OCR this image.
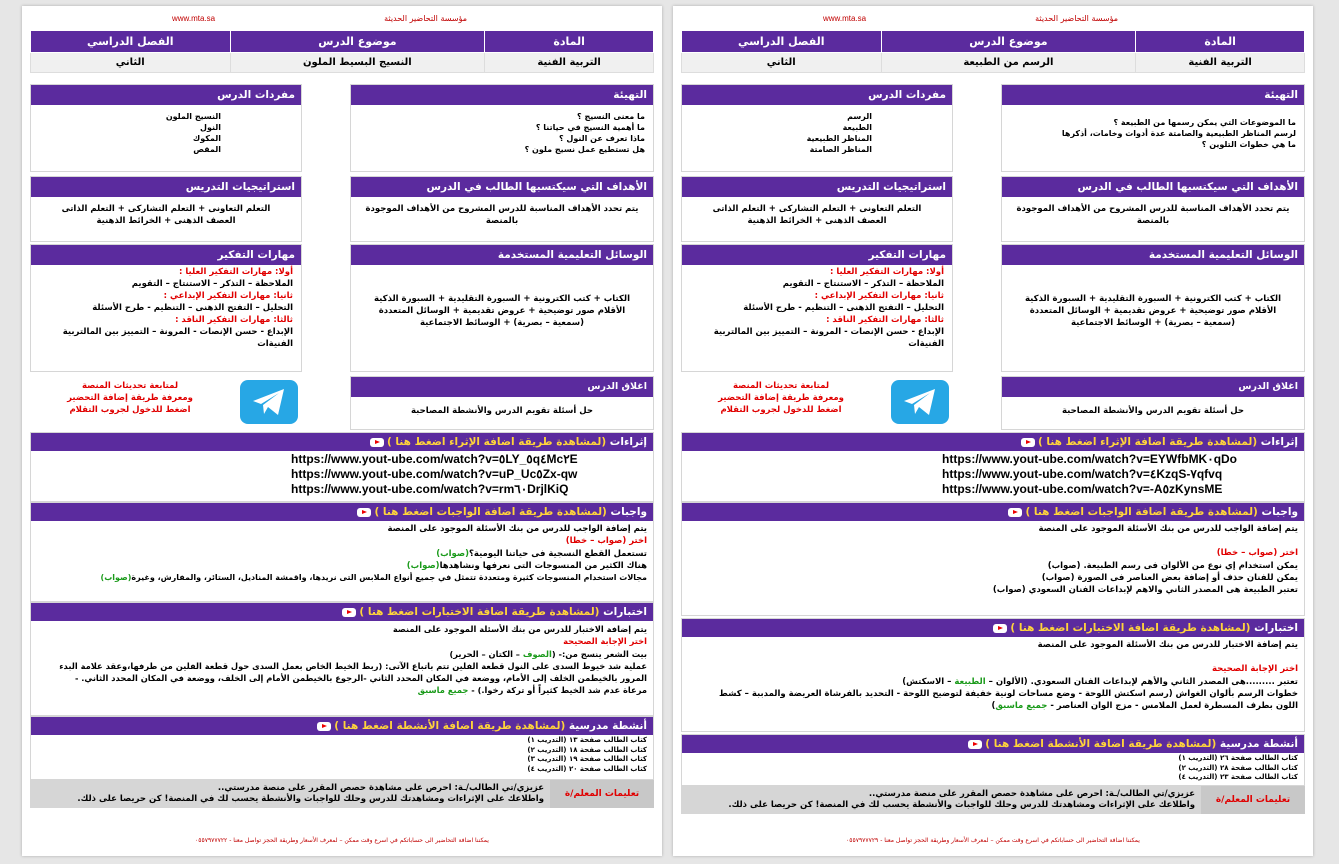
مؤسسة التحاضير الحديثة
www.mta.sa
المادة	موضوع الدرس	الفصل الدراسي
التربية الفنية	الرسم من الطبيعة	الثاني
التهيئة
ما الموضوعات التي يمكن رسمها من الطبيعة ؟
لرسم المناظر الطبيعية والصامتة عدة أدوات وخامات، أذكرها
ما هي خطوات التلوين ؟
مفردات الدرس
الرسم
الطبيعة
المناظر الطبيعية
المناظر الصامتة
الأهداف التي سيكتسبها الطالب في الدرس
يتم تحدد الأهداف المناسبة للدرس المشروح من الأهداف الموجودة بالمنصة
استراتيجيات التدريس
التعلم التعاونى + التعلم التشاركى + التعلم الذاتى
العصف الذهنى + الخرائط الذهنية
الوسائل التعليمية المستخدمة
الكتاب + كتب الكترونية + السبورة التقليدية + السبورة الذكية
الأقلام صور توضيحية + عروض تقديمية + الوسائل المتعددة
(سمعية – بصرية) + الوسائط الاجتماعية
مهارات التفكير
أولا: مهارات التفكير العليا :
الملاحظة – التذكر – الاستنتاج – التقويم
ثانيا: مهارات التفكير الإبداعي :
التحليل – التفتح الذهنى – التنظيم - طرح الأسئلة
ثالثا: مهارات التفكير الناقد :
الإبداع - حسن الإنصات - المرونة – التمييز بين المالتربية الفنيةات
اغلاق الدرس
حل أسئلة تقويم الدرس والأنشطة المصاحبة
لمتابعة تحديثات المنصة
ومعرفة طريقة إضافة التحضير
اضغط للدخول لجروب التقلام
إثراءات (لمشاهدة طريقة اضافة الإثراء اضغط هنا )
https://www.yout-ube.com/watch?v=EYWfbMK٠qDo
https://www.yout-ube.com/watch?v=٤KzqS-٧qfvq
https://www.yout-ube.com/watch?v=-A٥zKynsME
واجبات (لمشاهدة طريقة اضافة الواجبات اضغط هنا )
يتم إضافة الواجب للدرس من بنك الأسئلة الموجود على المنصة
اختر (صواب – خطا)
يمكن استخدام إي نوع من الألوان فى رسم الطبيعة. (صواب)
يمكن للفنان حذف أو إضافة بعض العناصر فى الصورة (صواب)
تعتبر الطبيعة هى المصدر الثاني والاهم لإبداعات الفنان السعودي (صواب)
اختبارات (لمشاهدة طريقة اضافة الاختبارات اضغط هنا )
يتم إضافة الاختبار للدرس من بنك الأسئلة الموجود على المنصة
اختر الإجابة الصحيحة
تعتبر .........هى المصدر الثاني والأهم لإبداعات الفنان السعودي. (الألوان – الطبيعة – الاسكتش)
خطوات الرسم بألوان الغواش (رسم اسكتش اللوحة - وضع مساحات لونية خفيفة لتوضيح اللوحة - التحديد بالفرشاة العريضة والمدببة – كشط
اللون بطرف المسطرة لعمل الملامس - مزج الوان العناصر - جميع ماسبق)
أنشطة مدرسية (لمشاهدة طريقة اضافة الأنشطة اضغط هنا )
كتاب الطالب صفحة ٢٦ (التدريب ١)
كتاب الطالب صفحة ٢٨ (التدريب ٢)
كتاب الطالب صفحة ٢٣ (التدريب ٤)
تعليمات المعلم/ة
عزيزي/تي الطالب/ـة: احرص على مشاهدة حصص المقرر على منصة مدرستي..
واطلاعك على الإثراءات ومشاهدتك للدرس وحلك للواجبات والأنشطة يحسب لك في المنصة! كن حريصا على ذلك.
يمكننا اضافة التحاضير الى حساباتكم في اسرع وقت ممكن – لمعرف الأسعار وطريقة الحجز تواصل معنا - ٠٥٥٧٩٧٧٧٢٩
مؤسسة التحاضير الحديثة
www.mta.sa
المادة	موضوع الدرس	الفصل الدراسي
التربية الفنية	النسيج البسيط الملون	الثاني
التهيئة
ما معنى النسيج ؟
ما أهمية النسيج في حياتنا ؟
ماذا تعرف عن النول ؟
هل تستطيع عمل نسيج ملون ؟
مفردات الدرس
النسيج الملون
النول
المكوك
المقص
الأهداف التي سيكتسبها الطالب في الدرس
يتم تحدد الأهداف المناسبة للدرس المشروح من الأهداف الموجودة بالمنصة
استراتيجيات التدريس
التعلم التعاونى + التعلم التشاركى + التعلم الذاتى
العصف الذهنى + الخرائط الذهنية
الوسائل التعليمية المستخدمة
الكتاب + كتب الكترونية + السبورة التقليدية + السبورة الذكية
الأقلام صور توضيحية + عروض تقديمية + الوسائل المتعددة
(سمعية – بصرية) + الوسائط الاجتماعية
مهارات التفكير
أولا: مهارات التفكير العليا :
الملاحظة – التذكر – الاستنتاج – التقويم
ثانيا: مهارات التفكير الإبداعي :
التحليل – التفتح الذهنى – التنظيم - طرح الأسئلة
ثالثا: مهارات التفكير الناقد :
الإبداع - حسن الإنصات - المرونة – التمييز بين المالتربية الفنيةات
اغلاق الدرس
حل أسئلة تقويم الدرس والأنشطة المصاحبة
لمتابعة تحديثات المنصة
ومعرفة طريقة إضافة التحضير
اضغط للدخول لجروب التقلام
إثراءات (لمشاهدة طريقة اضافة الإثراء اضغط هنا )
https://www.yout-ube.com/watch?v=٥LY_٥q٤Mc٢E
https://www.yout-ube.com/watch?v=uP_Uc٥Zx-qw
https://www.yout-ube.com/watch?v=rm٦٠DrjlKiQ
واجبات (لمشاهدة طريقة اضافة الواجبات اضغط هنا )
يتم إضافة الواجب للدرس من بنك الأسئلة الموجود على المنصة
اختر (صواب – خطا)
تستعمل القطع النسجية فى حياتنا اليومية؟(صواب)
هناك الكثير من المنسوجات التى نعرفها ونشاهدها(صواب)
مجالات استخدام المنسوجات كثيرة ومتعددة تتمثل في جميع أنواع الملابس التى نريدها، واقمشة المناديل، الستائر، والمفارش، وغيرة(صواب)
اختبارات (لمشاهدة طريقة اضافة الاختبارات اضغط هنا )
يتم إضافة الاختبار للدرس من بنك الأسئلة الموجود على المنصة
اختر الإجابة الصحيحة
بيت الشعر ينسج من:- (الصوف – الكتان – الحرير)
عملية شد خيوط السدى على النول قطعة الفلين تتم باتباع الآتى: (ربط الخيط الخاص بعمل السدى حول قطعة الفلين من طرفها،وعقد علامة البدء
المرور بالخيطمن الخلف إلى الأمام، ووضعة في المكان المحدد الثاني -الرجوع بالخيطمن الأمام إلى الخلف، ووضعة في المكان المحدد الثاني. -
مرعاة عدم شد الخيط كثيراً أو تركة رخوا.) - جميع ماسبق
أنشطة مدرسية (لمشاهدة طريقة اضافة الأنشطة اضغط هنا )
كتاب الطالب صفحة ١٣ (التدريب ١)
كتاب الطالب صفحة ١٨ (التدريب ٢)
كتاب الطالب صفحة ١٩ (التدريب ٣)
كتاب الطالب صفحة ٢٠ (التدريب ٤)
تعليمات المعلم/ة
عزيزي/تي الطالب/ـة: احرص على مشاهدة حصص المقرر على منصة مدرستي..
واطلاعك على الإثراءات ومشاهدتك للدرس وحلك للواجبات والأنشطة يحسب لك في المنصة! كن حريصا على ذلك.
يمكننا اضافة التحاضير الى حساباتكم في اسرع وقت ممكن – لمعرف الأسعار وطريقة الحجز تواصل معنا - ٠٥٥٧٩٧٧٧٢٢
